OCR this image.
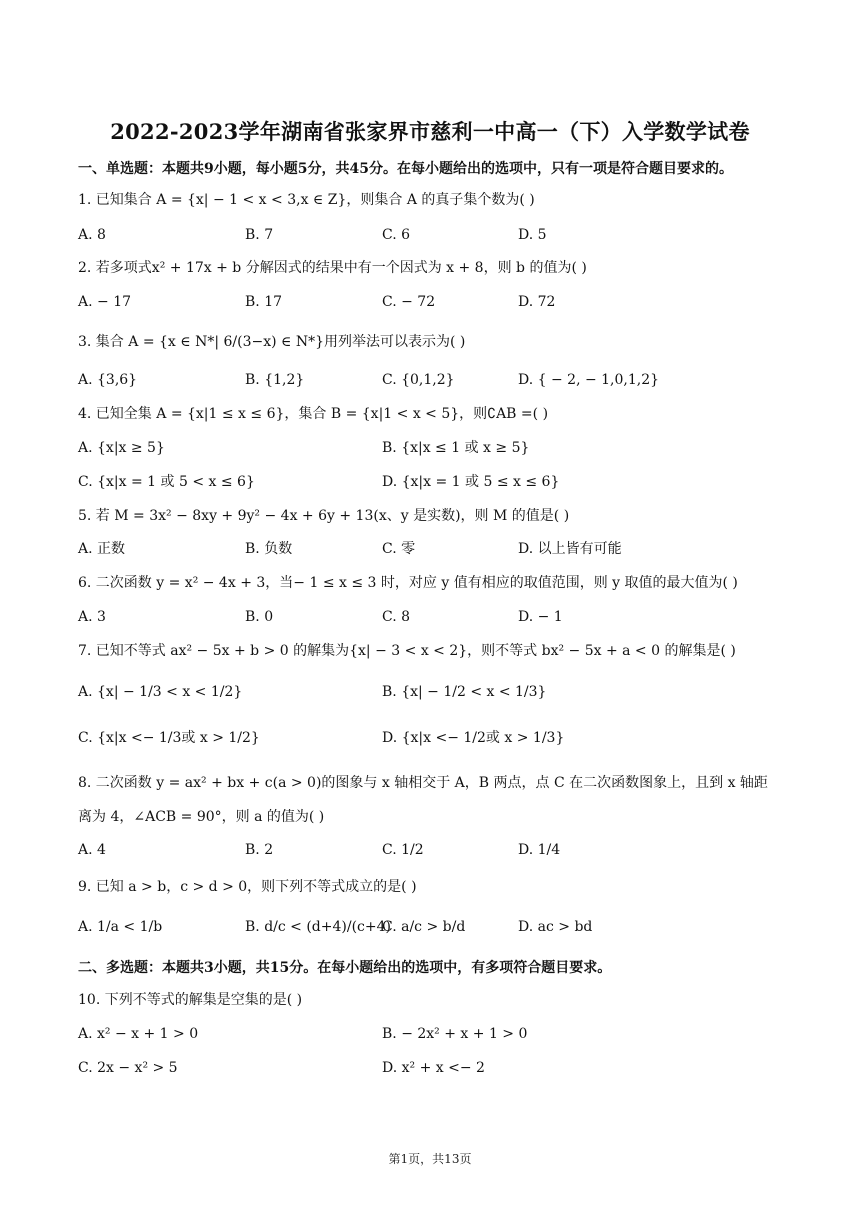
2022-2023学年湖南省张家界市慈利一中高一（下）入学数学试卷
一、单选题：本题共9小题，每小题5分，共45分。在每小题给出的选项中，只有一项是符合题目要求的。
1. 已知集合 A = {x| − 1 < x < 3,x ∈ Z}，则集合 A 的真子集个数为( )
A. 8	B. 7	C. 6	D. 5
2. 若多项式x² + 17x + b 分解因式的结果中有一个因式为 x + 8，则 b 的值为( )
A. − 17	B. 17	C. − 72	D. 72
3. 集合 A = {x ∈ N*| 6/(3−x) ∈ N*}用列举法可以表示为( )
A. {3,6}	B. {1,2}	C. {0,1,2}	D. { − 2, − 1,0,1,2}
4. 已知全集 A = {x|1 ≤ x ≤ 6}，集合 B = {x|1 < x < 5}，则∁AB =( )
A. {x|x ≥ 5}	B. {x|x ≤ 1 或 x ≥ 5}
C. {x|x = 1 或 5 < x ≤ 6}	D. {x|x = 1 或 5 ≤ x ≤ 6}
5. 若 M = 3x² − 8xy + 9y² − 4x + 6y + 13(x、y 是实数)，则 M 的值是( )
A. 正数	B. 负数	C. 零	D. 以上皆有可能
6. 二次函数 y = x² − 4x + 3，当− 1 ≤ x ≤ 3 时，对应 y 值有相应的取值范围，则 y 取值的最大值为( )
A. 3	B. 0	C. 8	D. − 1
7. 已知不等式 ax² − 5x + b > 0 的解集为{x| − 3 < x < 2}，则不等式 bx² − 5x + a < 0 的解集是( )
A. {x| − 1/3 < x < 1/2}	B. {x| − 1/2 < x < 1/3}
C. {x|x <− 1/3或 x > 1/2}	D. {x|x <− 1/2或 x > 1/3}
8. 二次函数 y = ax² + bx + c(a > 0)的图象与 x 轴相交于 A，B 两点，点 C 在二次函数图象上，且到 x 轴距离为 4，∠ACB = 90°，则 a 的值为( )
A. 4	B. 2	C. 1/2	D. 1/4
9. 已知 a > b，c > d > 0，则下列不等式成立的是( )
A. 1/a < 1/b	B. d/c < (d+4)/(c+4)
C. a/c > b/d	D. ac > bd
二、多选题：本题共3小题，共15分。在每小题给出的选项中，有多项符合题目要求。
10. 下列不等式的解集是空集的是( )
A. x² − x + 1 > 0	B. − 2x² + x + 1 > 0
C. 2x − x² > 5	D. x² + x <− 2
第1页，共13页
